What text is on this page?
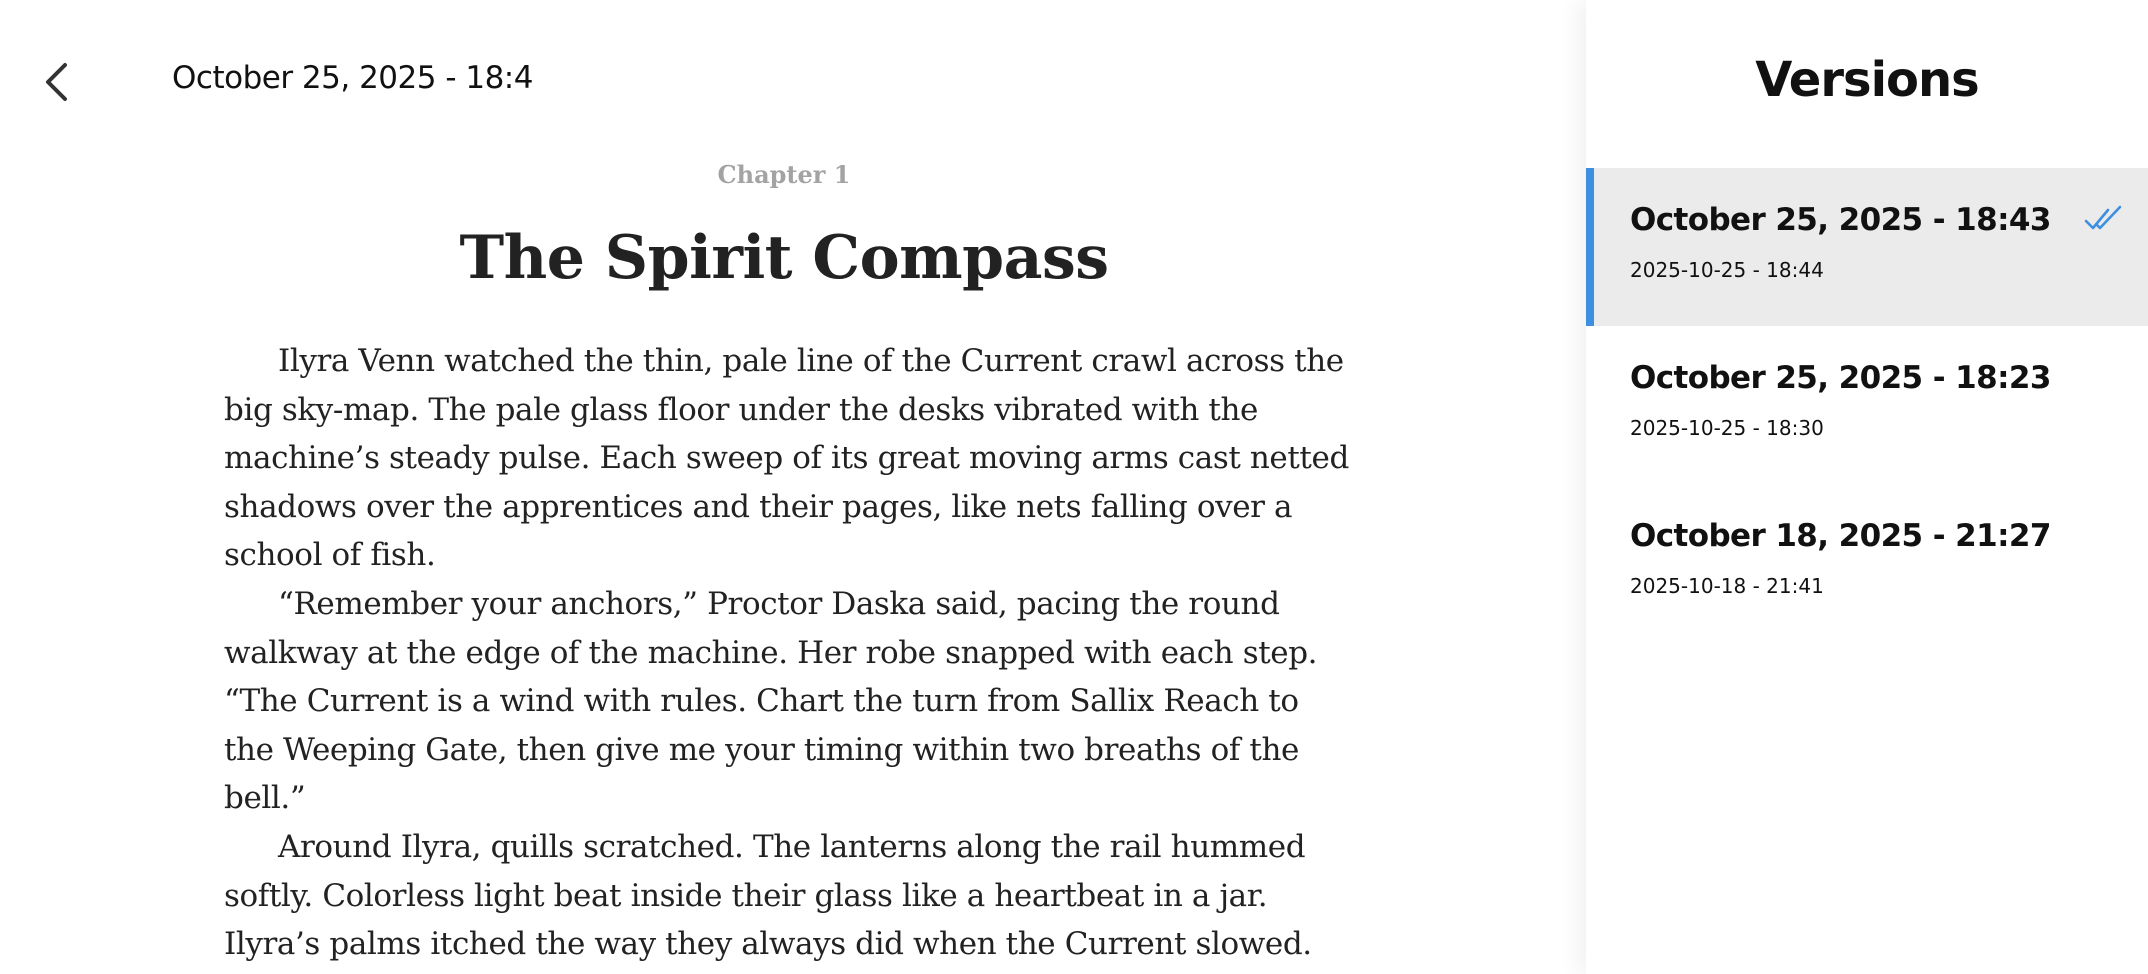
October 25, 2025 - 18:4
Chapter 1
The Spirit Compass

Ilyra Venn watched the thin, pale line of the Current crawl across the big sky-map. The pale glass floor under the desks vibrated with the machine’s steady pulse. Each sweep of its great moving arms cast netted shadows over the apprentices and their pages, like nets falling over a school of fish.

“Remember your anchors,” Proctor Daska said, pacing the round walkway at the edge of the machine. Her robe snapped with each step. “The Current is a wind with rules. Chart the turn from Sallix Reach to the Weeping Gate, then give me your timing within two breaths of the bell.”

Around Ilyra, quills scratched. The lanterns along the rail hummed softly. Colorless light beat inside their glass like a heartbeat in a jar. Ilyra’s palms itched the way they always did when the Current slowed.

Versions
October 25, 2025 - 18:43
2025-10-25 - 18:44
October 25, 2025 - 18:23
2025-10-25 - 18:30
October 18, 2025 - 21:27
2025-10-18 - 21:41
